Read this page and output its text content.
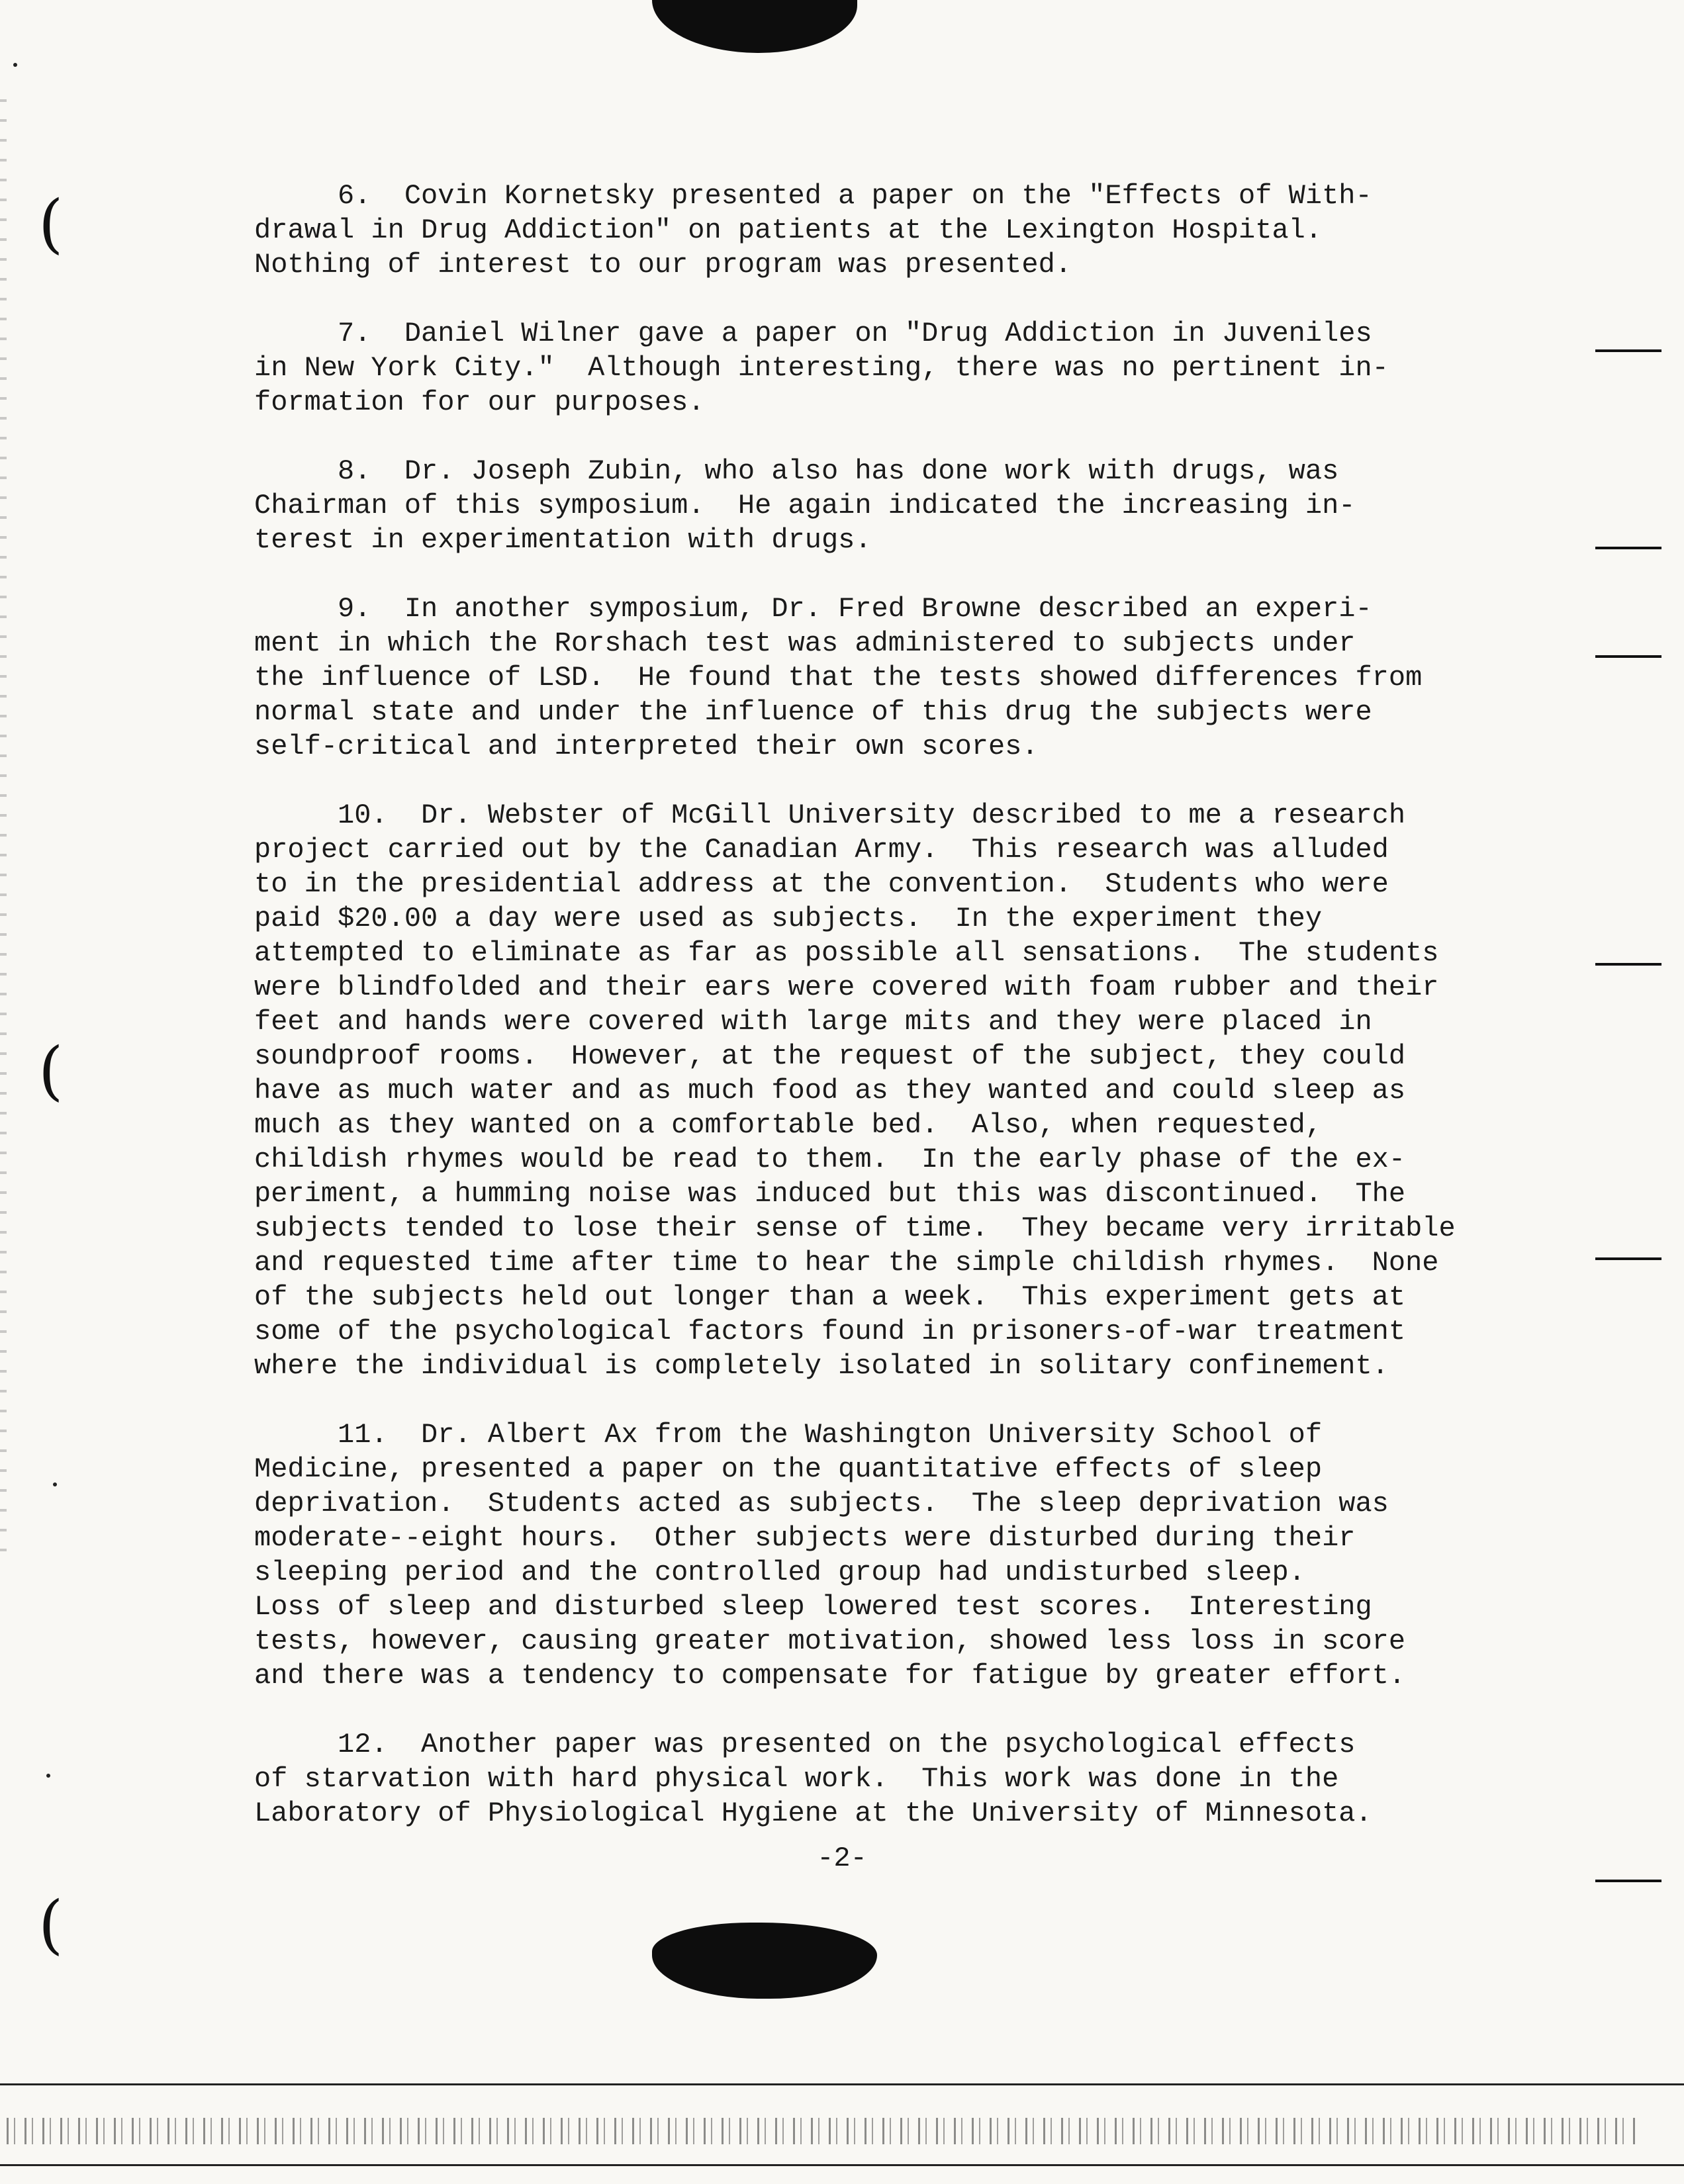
(
(
(

6.  Covin Kornetsky presented a paper on the "Effects of With-
drawal in Drug Addiction" on patients at the Lexington Hospital.
Nothing of interest to our program was presented.

7.  Daniel Wilner gave a paper on "Drug Addiction in Juveniles
in New York City."  Although interesting, there was no pertinent in-
formation for our purposes.

8.  Dr. Joseph Zubin, who also has done work with drugs, was
Chairman of this symposium.  He again indicated the increasing in-
terest in experimentation with drugs.

9.  In another symposium, Dr. Fred Browne described an experi-
ment in which the Rorshach test was administered to subjects under
the influence of LSD.  He found that the tests showed differences from
normal state and under the influence of this drug the subjects were
self-critical and interpreted their own scores.

10.  Dr. Webster of McGill University described to me a research
project carried out by the Canadian Army.  This research was alluded
to in the presidential address at the convention.  Students who were
paid $20.00 a day were used as subjects.  In the experiment they
attempted to eliminate as far as possible all sensations.  The students
were blindfolded and their ears were covered with foam rubber and their
feet and hands were covered with large mits and they were placed in
soundproof rooms.  However, at the request of the subject, they could
have as much water and as much food as they wanted and could sleep as
much as they wanted on a comfortable bed.  Also, when requested,
childish rhymes would be read to them.  In the early phase of the ex-
periment, a humming noise was induced but this was discontinued.  The
subjects tended to lose their sense of time.  They became very irritable
and requested time after time to hear the simple childish rhymes.  None
of the subjects held out longer than a week.  This experiment gets at
some of the psychological factors found in prisoners-of-war treatment
where the individual is completely isolated in solitary confinement.

11.  Dr. Albert Ax from the Washington University School of
Medicine, presented a paper on the quantitative effects of sleep
deprivation.  Students acted as subjects.  The sleep deprivation was
moderate--eight hours.  Other subjects were disturbed during their
sleeping period and the controlled group had undisturbed sleep.
Loss of sleep and disturbed sleep lowered test scores.  Interesting
tests, however, causing greater motivation, showed less loss in score
and there was a tendency to compensate for fatigue by greater effort.

12.  Another paper was presented on the psychological effects
of starvation with hard physical work.  This work was done in the
Laboratory of Physiological Hygiene at the University of Minnesota.

-2-
